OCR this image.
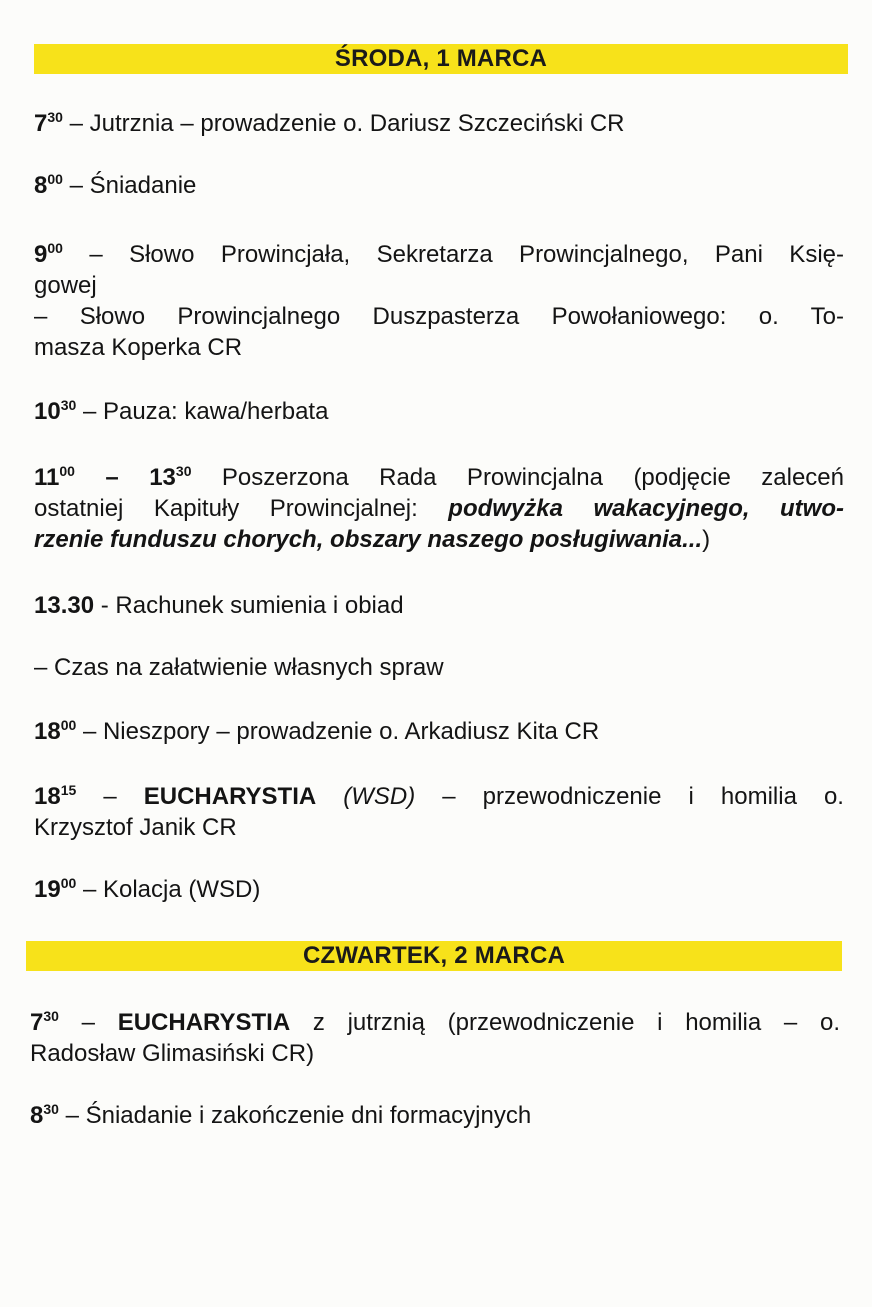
ŚRODA, 1 MARCA

$7^{30}$ – Jutrznia – prowadzenie o. Dariusz Szczeciński CR

$8^{00}$ – Śniadanie

$9^{00}$ – Słowo Prowincjała, Sekretarza Prowincjalnego, Pani Księ-
gowej
– Słowo Prowincjalnego Duszpasterza Powołaniowego: o. To-
masza Koperka CR

$10^{30}$ – Pauza: kawa/herbata

$11^{00} - 13^{30}$ Poszerzona Rada Prowincjalna (podjęcie zaleceń
ostatniej Kapituły Prowincjalnej: podwyżka wakacyjnego, utwo-
rzenie funduszu chorych, obszary naszego posługiwania...)

13.30 - Rachunek sumienia i obiad

– Czas na załatwienie własnych spraw

$18^{00}$ – Nieszpory – prowadzenie o. Arkadiusz Kita CR

$18^{15}$ – EUCHARYSTIA (WSD) – przewodniczenie i homilia o.
Krzysztof Janik CR

$19^{00}$ – Kolacja (WSD)

CZWARTEK, 2 MARCA
$7^{30}$ – EUCHARYSTIA z jutrznią (przewodniczenie i homilia – o.
Radosław Glimasiński CR)

$8^{30}$ – Śniadanie i zakończenie dni formacyjnych
